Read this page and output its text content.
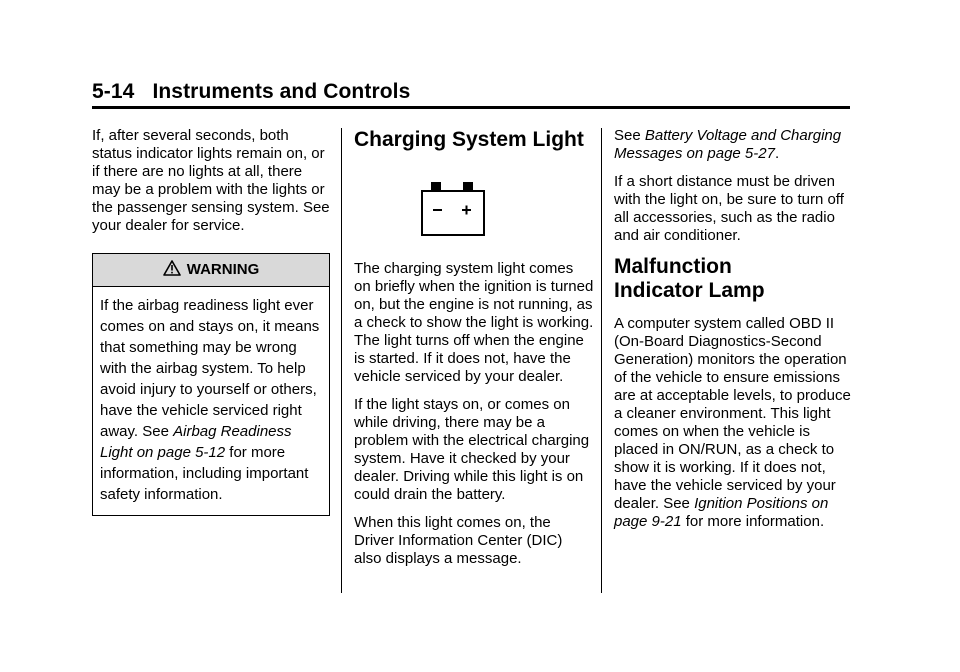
5-14 Instruments and Controls

If, after several seconds, both status indicator lights remain on, or if there are no lights at all, there may be a problem with the lights or the passenger sensing system. See your dealer for service.

WARNING
If the airbag readiness light ever comes on and stays on, it means that something may be wrong with the airbag system. To help avoid injury to yourself or others, have the vehicle serviced right away. See Airbag Readiness Light on page 5‑12 for more information, including important safety information.
Charging System Light

The charging system light comes on briefly when the ignition is turned on, but the engine is not running, as a check to show the light is working. The light turns off when the engine is started. If it does not, have the vehicle serviced by your dealer.

If the light stays on, or comes on while driving, there may be a problem with the electrical charging system. Have it checked by your dealer. Driving while this light is on could drain the battery.

When this light comes on, the Driver Information Center (DIC) also displays a message.

See Battery Voltage and Charging Messages on page 5‑27.

If a short distance must be driven with the light on, be sure to turn off all accessories, such as the radio and air conditioner.

Malfunction
Indicator Lamp

A computer system called OBD II (On‑Board Diagnostics‑Second Generation) monitors the operation of the vehicle to ensure emissions are at acceptable levels, to produce a cleaner environment. This light comes on when the vehicle is placed in ON/RUN, as a check to show it is working. If it does not, have the vehicle serviced by your dealer. See Ignition Positions on page 9‑21 for more information.
